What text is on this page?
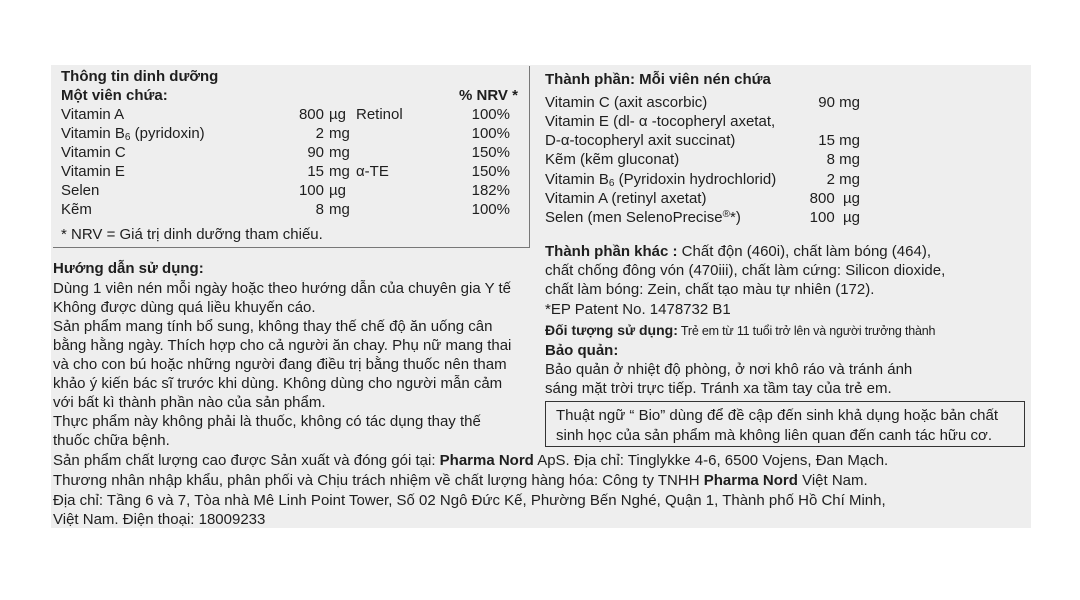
Thông tin dinh dưỡng
Một viên chứa:	% NRV *
Vitamin A	800 µg Retinol	100%
Vitamin $B_6$ (pyridoxin)	2 mg	100%
Vitamin C	90 mg	150%
Vitamin E	15 mg α-TE	150%
Selen	100 µg	182%
Kẽm	8 mg	100%
* NRV = Giá trị dinh dưỡng tham chiếu.
Hướng dẫn sử dụng:
Dùng 1 viên nén mỗi ngày hoặc theo hướng dẫn của chuyên gia Y tế
Không được dùng quá liều khuyến cáo.
Sản phẩm mang tính bổ sung, không thay thế chế độ ăn uống cân
bằng hằng ngày. Thích hợp cho cả người ăn chay. Phụ nữ mang thai
và cho con bú hoặc những người đang điều trị bằng thuốc nên tham
khảo ý kiến bác sĩ trước khi dùng. Không dùng cho người mẫn cảm
với bất kì thành phần nào của sản phẩm.
Thực phẩm này không phải là thuốc, không có tác dụng thay thế
thuốc chữa bệnh.
Thành phần: Mỗi viên nén chứa
Vitamin C (axit ascorbic)	90 mg
Vitamin E (dl- α -tocopheryl axetat,
D-α-tocopheryl axit succinat)	15 mg
Kẽm (kẽm gluconat)	8 mg
Vitamin $B_6$ (Pyridoxin hydrochlorid)	2 mg
Vitamin A (retinyl axetat)	800  µg
Selen (men SelenoPrecise®*)	100  µg
Thành phần khác : Chất độn (460i), chất làm bóng (464),
chất chống đông vón (470iii), chất làm cứng: Silicon dioxide,
chất làm bóng: Zein, chất tạo màu tự nhiên (172).
*EP Patent No. 1478732 B1
Đối tượng sử dụng: Trẻ em từ 11 tuổi trở lên và người trưởng thành
Bảo quản:
Bảo quản ở nhiệt độ phòng, ở nơi khô ráo và tránh ánh
sáng mặt trời trực tiếp. Tránh xa tầm tay của trẻ em.
Thuật ngữ “ Bio” dùng để đề cập đến sinh khả dụng hoặc bản chất
sinh học của sản phẩm mà không liên quan đến canh tác hữu cơ.
Sản phẩm chất lượng cao được Sản xuất và đóng gói tại: Pharma Nord ApS. Địa chỉ: Tinglykke 4-6, 6500 Vojens, Đan Mạch.
Thương nhân nhập khẩu, phân phối và Chịu trách nhiệm về chất lượng hàng hóa: Công ty TNHH Pharma Nord Việt Nam.
Địa chỉ: Tầng 6 và 7, Tòa nhà Mê Linh Point Tower, Số 02 Ngô Đức Kế, Phường Bến Nghé, Quận 1, Thành phố Hồ Chí Minh,
Việt Nam. Điện thoại: 18009233
